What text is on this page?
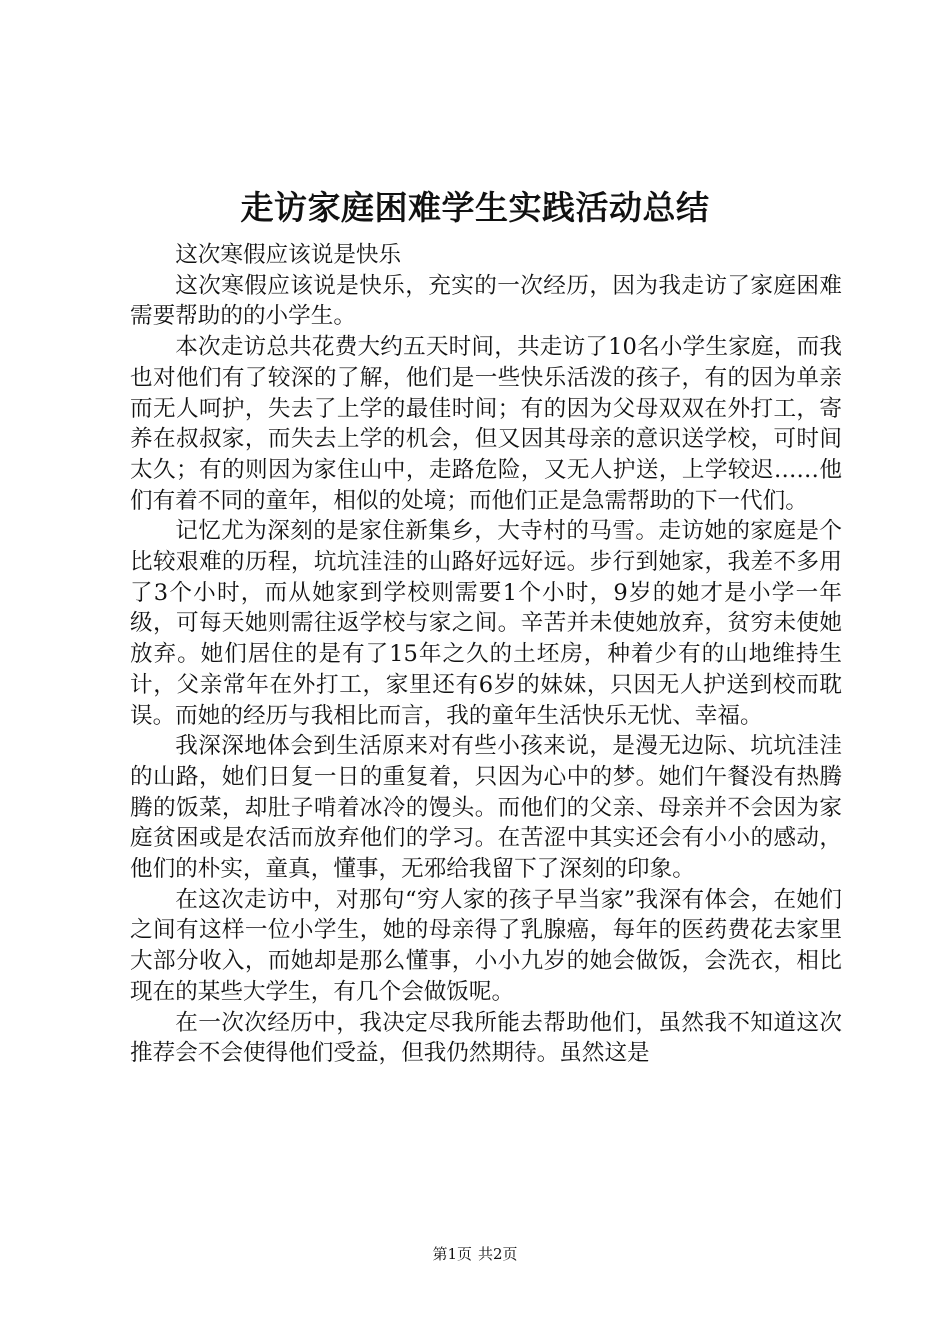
走访家庭困难学生实践活动总结

这次寒假应该说是快乐

这次寒假应该说是快乐，充实的一次经历，因为我走访了家庭困难需要帮助的的小学生。

本次走访总共花费大约五天时间，共走访了10名小学生家庭，而我也对他们有了较深的了解，他们是一些快乐活泼的孩子，有的因为单亲而无人呵护，失去了上学的最佳时间；有的因为父母双双在外打工，寄养在叔叔家，而失去上学的机会，但又因其母亲的意识送学校，可时间太久；有的则因为家住山中，走路危险，又无人护送，上学较迟……他们有着不同的童年，相似的处境；而他们正是急需帮助的下一代们。

记忆尤为深刻的是家住新集乡，大寺村的马雪。走访她的家庭是个比较艰难的历程，坑坑洼洼的山路好远好远。步行到她家，我差不多用了3个小时，而从她家到学校则需要1个小时，9岁的她才是小学一年级，可每天她则需往返学校与家之间。辛苦并未使她放弃，贫穷未使她放弃。她们居住的是有了15年之久的土坯房，种着少有的山地维持生计，父亲常年在外打工，家里还有6岁的妹妹，只因无人护送到校而耽误。而她的经历与我相比而言，我的童年生活快乐无忧、幸福。

我深深地体会到生活原来对有些小孩来说，是漫无边际、坑坑洼洼的山路，她们日复一日的重复着，只因为心中的梦。她们午餐没有热腾腾的饭菜，却肚子啃着冰冷的馒头。而他们的父亲、母亲并不会因为家庭贫困或是农活而放弃他们的学习。在苦涩中其实还会有小小的感动，他们的朴实，童真，懂事，无邪给我留下了深刻的印象。

在这次走访中，对那句“穷人家的孩子早当家”我深有体会，在她们之间有这样一位小学生，她的母亲得了乳腺癌，每年的医药费花去家里大部分收入，而她却是那么懂事，小小九岁的她会做饭，会洗衣，相比现在的某些大学生，有几个会做饭呢。

在一次次经历中，我决定尽我所能去帮助他们，虽然我不知道这次推荐会不会使得他们受益，但我仍然期待。虽然这是

第1页 共2页
